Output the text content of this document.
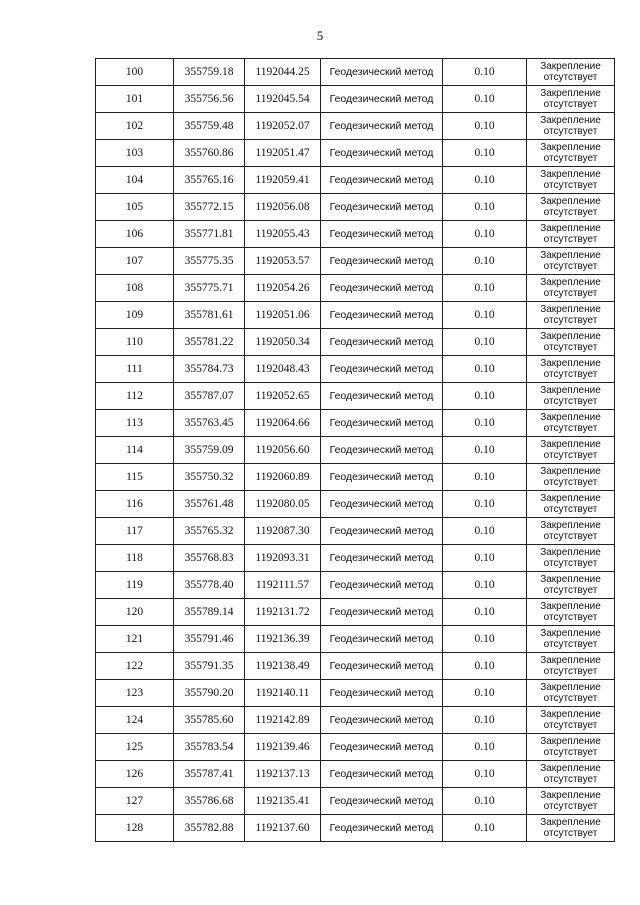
5
100	355759.18	1192044.25	Геодезический метод	0.10	Закрепление
отсутствует

101	355756.56	1192045.54	Геодезический метод	0.10	Закрепление
отсутствует

102	355759.48	1192052.07	Геодезический метод	0.10	Закрепление
отсутствует

103	355760.86	1192051.47	Геодезический метод	0.10	Закрепление
отсутствует

104	355765.16	1192059.41	Геодезический метод	0.10	Закрепление
отсутствует

105	355772.15	1192056.08	Геодезический метод	0.10	Закрепление
отсутствует

106	355771.81	1192055.43	Геодезический метод	0.10	Закрепление
отсутствует

107	355775.35	1192053.57	Геодезический метод	0.10	Закрепление
отсутствует

108	355775.71	1192054.26	Геодезический метод	0.10	Закрепление
отсутствует

109	355781.61	1192051.06	Геодезический метод	0.10	Закрепление
отсутствует

110	355781.22	1192050.34	Геодезический метод	0.10	Закрепление
отсутствует

111	355784.73	1192048.43	Геодезический метод	0.10	Закрепление
отсутствует

112	355787.07	1192052.65	Геодезический метод	0.10	Закрепление
отсутствует

113	355763.45	1192064.66	Геодезический метод	0.10	Закрепление
отсутствует

114	355759.09	1192056.60	Геодезический метод	0.10	Закрепление
отсутствует

115	355750.32	1192060.89	Геодезический метод	0.10	Закрепление
отсутствует

116	355761.48	1192080.05	Геодезический метод	0.10	Закрепление
отсутствует

117	355765.32	1192087.30	Геодезический метод	0.10	Закрепление
отсутствует

118	355768.83	1192093.31	Геодезический метод	0.10	Закрепление
отсутствует

119	355778.40	1192111.57	Геодезический метод	0.10	Закрепление
отсутствует

120	355789.14	1192131.72	Геодезический метод	0.10	Закрепление
отсутствует

121	355791.46	1192136.39	Геодезический метод	0.10	Закрепление
отсутствует

122	355791.35	1192138.49	Геодезический метод	0.10	Закрепление
отсутствует

123	355790.20	1192140.11	Геодезический метод	0.10	Закрепление
отсутствует

124	355785.60	1192142.89	Геодезический метод	0.10	Закрепление
отсутствует

125	355783.54	1192139.46	Геодезический метод	0.10	Закрепление
отсутствует

126	355787.41	1192137.13	Геодезический метод	0.10	Закрепление
отсутствует

127	355786.68	1192135.41	Геодезический метод	0.10	Закрепление
отсутствует

128	355782.88	1192137.60	Геодезический метод	0.10	Закрепление
отсутствует
